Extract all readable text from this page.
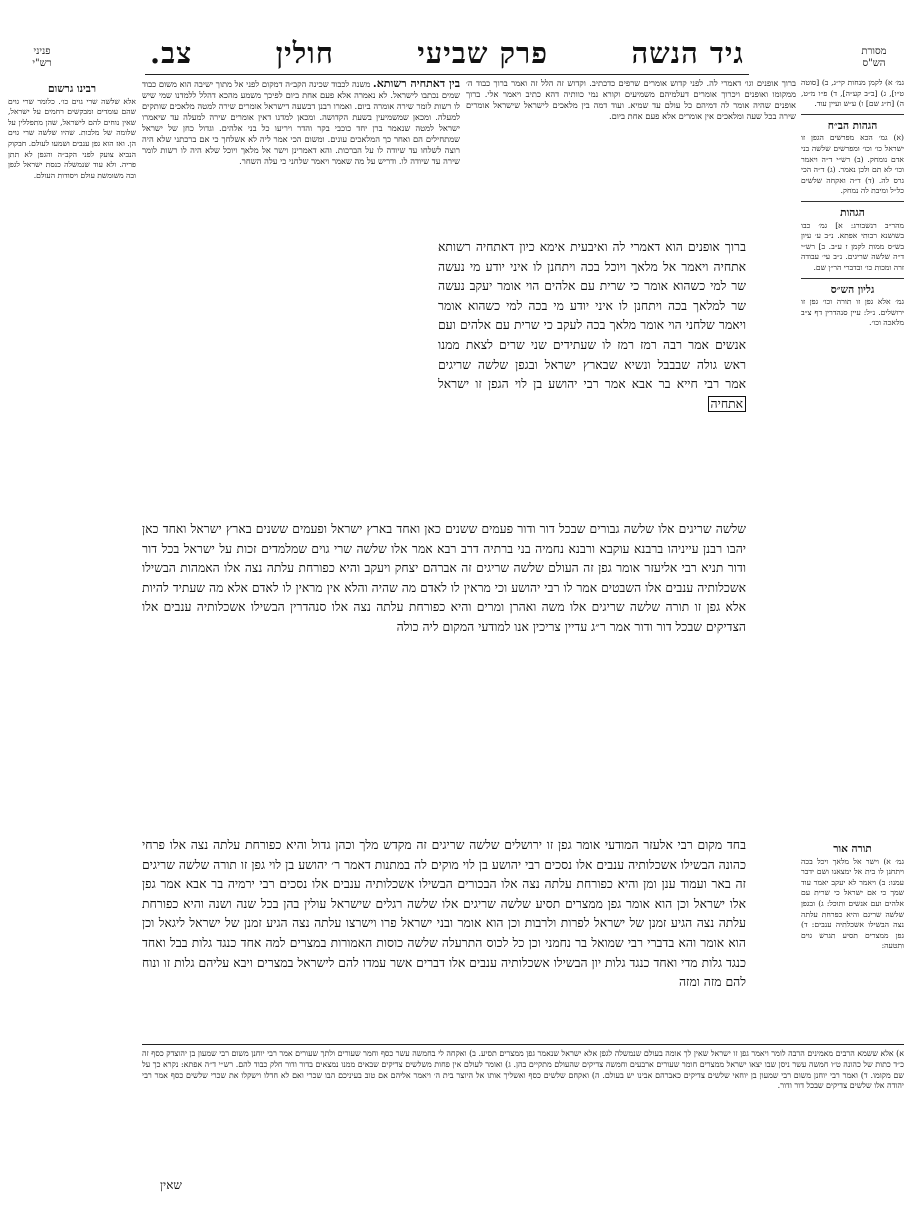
מסורת
הש"ס
גיד הנשה
פרק שביעי
חולין
צב.
פניני
רש"י

גמ׳ א) לקמן מנחות קי״ג, ב) [סוטה ט״ו], ג) [ב״ב קע״ה], ד) פ״ו מ״ט, ה) [ח״ג שם] ו) ע״ש ועיין עוד.

הגהות הב״ח

(א) גמ׳ הכא מפרשים הגפן זו ישראל כו׳ וכו׳ ומפרשים שלשה בני אדם נומחק. (ב) רש״י ד״ה ויאמר וכו׳ לא תם ולכן נאמר. (ג) ד״ה הכי גרס לה. (ד) ד״ה ואקחה שלשים כל״ל ומיבת לה נמחק.

הגהות

מהר״ב רנשבורג: א] גמ׳ כבו בשושנא רבותי אפתא. נ״ב ע׳ עיון בש״ס ממות לקמן ז ע״ב. ב] רש״י ד״ה שלשה שריגים. נ״ב עי׳ עבודה זרה ומכות כו׳ ובדברי הר״ן שם.

גליון הש״ס

גמ׳ אלא גפן זו תורה וכו׳ גפן זו ירושלים. נ״ל: עיין סנהדרין דף צ״ב מלאכה וכו׳.

תורה אור

גמ׳ א) וישר אל מלאך ויכל בכה ויתחנן לו בית אל ימצאנו ושם ידבר עמנו: ב) ויאמר לא יעקב יאמר עוד שמך כי אם ישראל כי שרית עם אלהים ועם אנשים ותוכל: ג) ובגפן שלשה שריגם והיא כפרחת עלתה נצה הבשילו אשכלתיה ענבים: ד) גפן ממצרים תסיע תגרש גוים ותטעה:

רבינו גרשום

אלא שלשה שרי גוים כו׳. כלומר שרי גוים שהם עומדים ומבקשים רחמים על ישראל, שאין נוחים להם לישראל, שהן מתפללין על שלומה של מלכות. שהיו שלשה שרי גוים הן. ואז הוא גפן ענבים ושמעו לעולם. חבקוק הנביא צועק לפני הקב״ה והגפן לא תתן פריה. ולא עוד שנמשלה כנסת ישראל לגפן ובה משומשת עולם ויסודות העולם.

ברוך אופנים וגו׳ דאמרי לה. לפני קדוש אומרים שרפים כדכתיב. וקדוש זה הלל זה ואמר ברוך כבוד ה׳ ממקומו ואופנים ויכרוך אומרים דעלמיהם משמיעים וקורא נמי כוותיה דהא כתיב ויאמר אלי. ברוך אופנים שהיה אומר לה דמיהם כל עולם עד שמיא. ועוד דמה בין מלאכים לישראל שישראל אומרים שירה בכל שעה ומלאכים אין אומרים אלא פעם אחת ביום.
בין דאתחיה רשותא. משנה לכבוד שכינה הקב״ה דמקום לפני אל מתוך ישיבה הוא משום כבוד שמים נכתבו לישראל. לא נאמרה אלא פעם אחת ביום לפיכך משמע מהכא דהלל ללמדנו שמי שיש לו רשות לומר שירה אומרה ביום. ואמרו רבנן דבשעה דישראל אומרים שירה למטה מלאכים שותקים למעלה. ומכאן שמשמיעין בשעת הקדושה. ומכאן למדנו דאין אומרים שירה למעלה עד שיאמרו ישראל למטה שנאמר ברן יחד כוכבי בקר והדר ויריעו כל בני אלהים. וגדול כחן של ישראל שמתחילים הם ואחר כך המלאכים עונים. ומשום הכי אמר ליה לא אשלחך כי אם ברכתני שלא היה רוצה לשלחו עד שיודה לו על הברכות. והא דאמרינן וישר אל מלאך ויוכל שלא היה לו רשות לומר שירה עד שיודה לו. ודריש על מה שאמר ויאמר שלחני כי עלה השחר.
ברוך אופנים הוא דאמרי לה ואיבעית אימא כיון דאתחיה רשותא אתחיה ויאמר אל מלאך ויוכל בכה ויתחנן לו איני יודע מי נעשה שר למי כשהוא אומר כי שרית עם אלהים הוי אומר יעקב נעשה שר למלאך בכה ויתחנן לו איני יודע מי בכה למי כשהוא אומר ויאמר שלחני הוי אומר מלאך בכה לעקב כי שרית עם אלהים ועם אנשים אמר רבה רמז רמז לו שעתידים שני שרים לצאת ממנו ראש גולה שבבבל ונשיא שבארץ ישראל ובגפן שלשה שריגים אמר רבי חייא בר אבא אמר רבי יהושע בן לוי הגפן זו ישראל אתחיה
שלשה שריגים אלו שלשה גבורים שבכל דור ודור פעמים ששנים כאן ואחד בארץ ישראל ופעמים ששנים בארץ ישראל ואחד כאן יהבו רבנן עייניהו ברבנא עוקבא ורבנא נחמיה בני ברתיה דרב רבא אמר אלו שלשה שרי גוים שמלמדים זכות על ישראל בכל דור ודור תניא רבי אליעזר אומר גפן זה העולם שלשה שריגים זה אברהם יצחק ויעקב והיא כפורחת עלתה נצה אלו האמהות הבשילו אשכלותיה ענבים אלו השבטים אמר לו רבי יהושע וכי מראין לו לאדם מה שהיה והלא אין מראין לו לאדם אלא מה שעתיד להיות אלא גפן זו תורה שלשה שריגים אלו משה ואהרן ומרים והיא כפורחת עלתה נצה אלו סנהדרין הבשילו אשכלותיה ענבים אלו הצדיקים שבכל דור ודור אמר ר״ג עדיין צריכין אנו למודעי המקום ליה כולה
בחד מקום רבי אלעזר המודעי אומר גפן זו ירושלים שלשה שריגים זה מקדש מלך וכהן גדול והיא כפורחת עלתה נצה אלו פרחי כהונה הבשילו אשכלותיה ענבים אלו נסכים רבי יהושע בן לוי מוקים לה במתנות דאמר ר׳ יהושע בן לוי גפן זו תורה שלשה שריגים זה באר ועמוד ענן ומן והיא כפורחת עלתה נצה אלו הבכורים הבשילו אשכלותיה ענבים אלו נסכים רבי ירמיה בר אבא אמר גפן אלו ישראל וכן הוא אומר גפן ממצרים תסיע שלשה שריגים אלו שלשה רגלים שישראל עולין בהן בכל שנה ושנה והיא כפורחת עלתה נצה הגיע זמנן של ישראל לפרות ולרבות וכן הוא אומר ובני ישראל פרו וישרצו עלתה נצה הגיע זמנן של ישראל ליגאל וכן הוא אומר והא בדברי רבי שמואל בר נחמני וכן כל לכוס התרעלה שלשה כוסות האמורות במצרים למה אחד כנגד גלות בבל ואחד כנגד גלות מדי ואחד כנגד גלות יון הבשילו אשכלותיה ענבים אלו דברים אשר עמדו להם לישראל במצרים ויבא עליהם גלות זו ונוח להם מזה ומזה
א) אלא ששמא הרבים מאמינים הרבה לומר ויאמר גפן זו ישראל שאין לך אומה בעולם שנמשלה לגפן אלא ישראל שנאמר גפן ממצרים תסיע. ב) ואקחה לי בחמשה עשר כסף וחמר שעורים ולתך שעורים אמר רבי יוחנן משום רבי שמעון בן יהוצדק כסף זה כ״ד כתות של כהונה ט״ו חמשה עשר ניסן שבו יצאו ישראל ממצרים חומר שעורים ארבעים וחמשה צדיקים שהעולם מתקיים בהן. ג) ואומר לעולם אין פחות משלשים צדיקים שבאים ממנו נמצאים בדור ודור חלק כבוד להם. רש״י ד״ה אפתא: נקרא כך על שם מקומו. ד) ואמר רבי יוחנן משום רבי שמעון בן יוחאי שלשים צדיקים כאברהם אבינו יש בעולם. ה) ואקחם שלשים כסף ואשליך אותו אל היוצר בית ה׳ ויאמר אליהם אם טוב בעיניכם הבו שכרי ואם לא חדלו וישקלו את שכרי שלשים כסף אמר רבי יהודה אלו שלשים צדיקים שבכל דור ודור.
שאין
